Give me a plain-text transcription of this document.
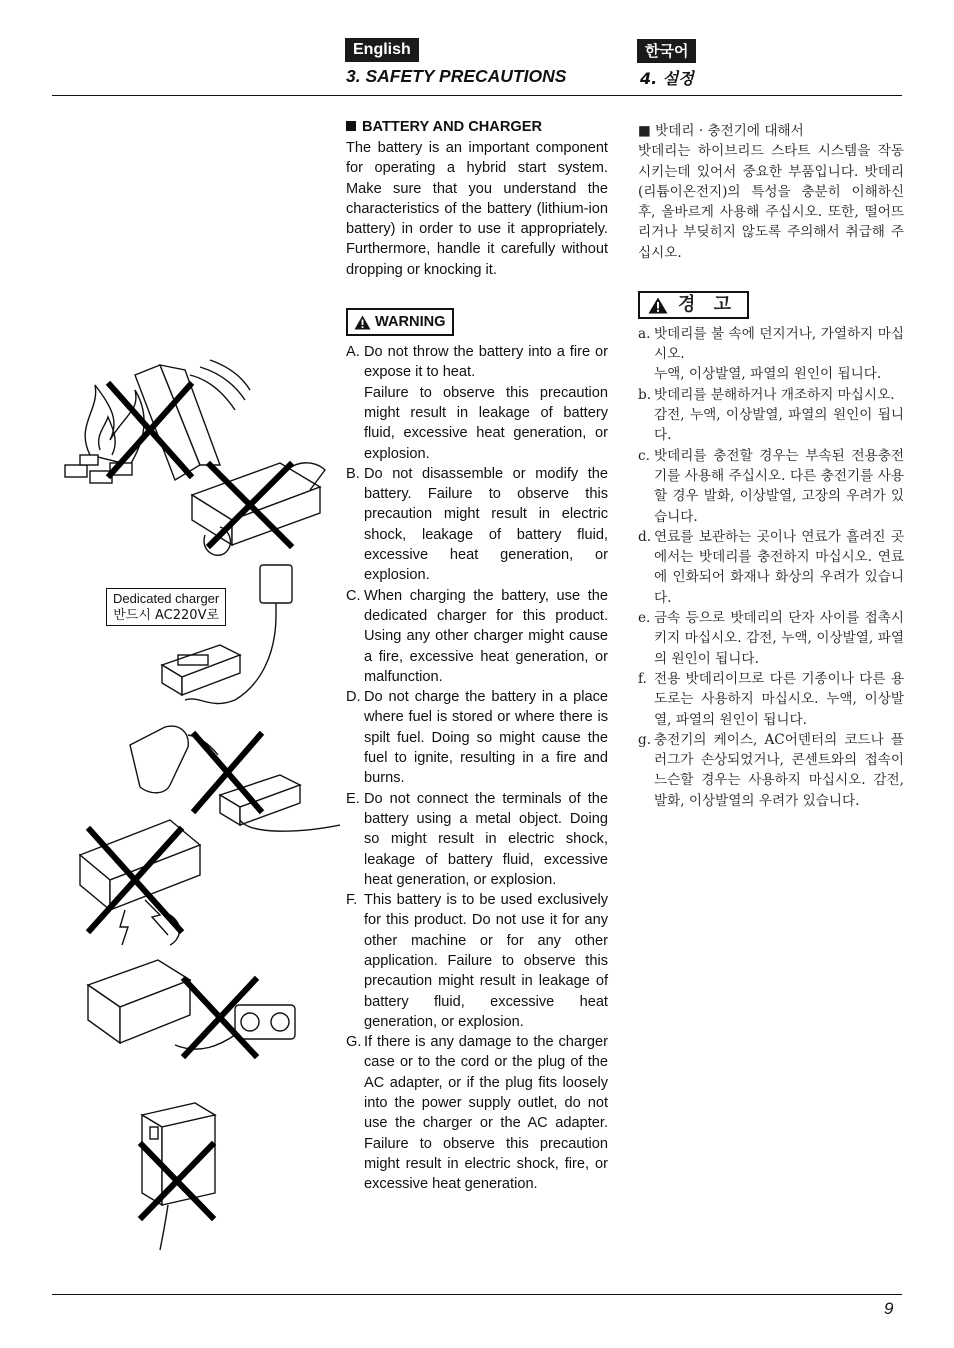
English	한국어
3. SAFETY PRECAUTIONS	4. 설정
BATTERY AND CHARGER

The battery is an important component for operating a hybrid start system. Make sure that you understand the characteristics of the battery (lithium-ion battery) in order to use it appropriately. Furthermore, handle it carefully without dropping or knocking it.

WARNING
A. Do not throw the battery into a fire or expose it to heat.

Failure to observe this precaution might result in leakage of battery fluid, excessive heat generation, or explosion.

B. Do not disassemble or modify the battery. Failure to observe this precaution might result in electric shock, leakage of battery fluid, excessive heat generation, or explosion.

C. When charging the battery, use the dedicated charger for this product. Using any other charger might cause a fire, excessive heat generation, or malfunction.

D. Do not charge the battery in a place where fuel is stored or where there is spilt fuel. Doing so might cause the fuel to ignite, resulting in a fire and burns.

E. Do not connect the terminals of the battery using a metal object. Doing so might result in electric shock, leakage of battery fluid, excessive heat generation, or explosion.

F. This battery is to be used exclusively for this product. Do not use it for any other machine or for any other application. Failure to observe this precaution might result in leakage of battery fluid, excessive heat generation, or explosion.

G. If there is any damage to the charger case or to the cord or the plug of the AC adapter, or if the plug fits loosely into the power supply outlet, do not use the charger or the AC adapter. Failure to observe this precaution might result in electric shock, fire, or excessive heat generation.

■ 밧데리 · 충전기에 대해서

밧데리는 하이브리드 스타트 시스템을 작동시키는데 있어서 중요한 부품입니다. 밧데리(리튬이온전지)의 특성을 충분히 이해하신 후, 올바르게 사용해 주십시오. 또한, 떨어뜨리거나 부딪히지 않도록 주의해서 취급해 주십시오.

경 고
a. 밧데리를 불 속에 던지거나, 가열하지 마십시오.

누액, 이상발열, 파열의 원인이 됩니다.

b. 밧데리를 분해하거나 개조하지 마십시오.

감전, 누액, 이상발열, 파열의 원인이 됩니다.

c. 밧데리를 충전할 경우는 부속된 전용충전기를 사용해 주십시오. 다른 충전기를 사용할 경우 발화, 이상발열, 고장의 우려가 있습니다.

d. 연료를 보관하는 곳이나 연료가 흘려진 곳에서는 밧데리를 충전하지 마십시오. 연료에 인화되어 화재나 화상의 우려가 있습니다.

e. 금속 등으로 밧데리의 단자 사이를 접촉시키지 마십시오. 감전, 누액, 이상발열, 파열의 원인이 됩니다.

f. 전용 밧데리이므로 다른 기종이나 다른 용도로는 사용하지 마십시오. 누액, 이상발열, 파열의 원인이 됩니다.

g. 충전기의 케이스, AC어덴터의 코드나 플러그가 손상되었거나, 콘센트와의 접속이 느슨할 경우는 사용하지 마십시오. 감전, 발화, 이상발열의 우려가 있습니다.

Dedicated charger
반드시 AC220V로
9
